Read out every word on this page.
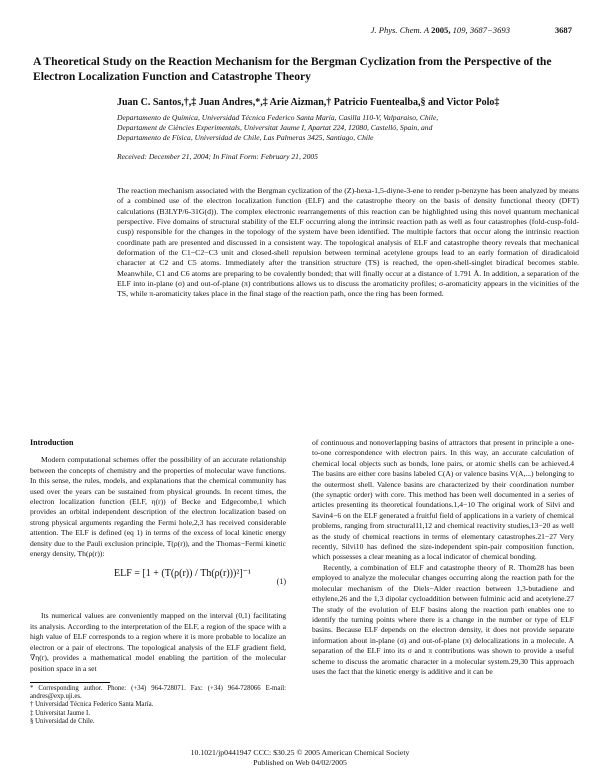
J. Phys. Chem. A 2005, 109, 3687−3693	3687
A Theoretical Study on the Reaction Mechanism for the Bergman Cyclization from the Perspective of the Electron Localization Function and Catastrophe Theory
Juan C. Santos,†,‡ Juan Andres,*,‡ Arie Aizman,† Patricio Fuentealba,§ and Victor Polo‡
Departamento de Química, Universidad Técnica Federico Santa María, Casilla 110-V, Valparaiso, Chile,
Departament de Ciències Experimentals, Universitat Jaume I, Apartat 224, 12080, Castelló, Spain, and
Departamento de Física, Universidad de Chile, Las Palmeras 3425, Santiago, Chile
Received: December 21, 2004; In Final Form: February 21, 2005
The reaction mechanism associated with the Bergman cyclization of the (Z)-hexa-1,5-diyne-3-ene to render p-benzyne has been analyzed by means of a combined use of the electron localization function (ELF) and the catastrophe theory on the basis of density functional theory (DFT) calculations (B3LYP/6-31G(d)). The complex electronic rearrangements of this reaction can be highlighted using this novel quantum mechanical perspective. Five domains of structural stability of the ELF occurring along the intrinsic reaction path as well as four catastrophes (fold-cusp-fold-cusp) responsible for the changes in the topology of the system have been identified. The multiple factors that occur along the intrinsic reaction coordinate path are presented and discussed in a consistent way. The topological analysis of ELF and catastrophe theory reveals that mechanical deformation of the C1−C2−C3 unit and closed-shell repulsion between terminal acetylene groups lead to an early formation of diradicaloid character at C2 and C5 atoms. Immediately after the transition structure (TS) is reached, the open-shell-singlet biradical becomes stable. Meanwhile, C1 and C6 atoms are preparing to be covalently bonded; that will finally occur at a distance of 1.791 Å. In addition, a separation of the ELF into in-plane (σ) and out-of-plane (π) contributions allows us to discuss the aromaticity profiles; σ-aromaticity appears in the vicinities of the TS, while π-aromaticity takes place in the final stage of the reaction path, once the ring has been formed.
Introduction

Modern computational schemes offer the possibility of an accurate relationship between the concepts of chemistry and the properties of molecular wave functions. In this sense, the rules, models, and explanations that the chemical community has used over the years can be sustained from physical grounds. In recent times, the electron localization function (ELF, η(r)) of Becke and Edgecombe,1 which provides an orbital independent description of the electron localization based on strong physical arguments regarding the Fermi hole,2,3 has received considerable attention. The ELF is defined (eq 1) in terms of the excess of local kinetic energy density due to the Pauli exclusion principle, T(ρ(r)), and the Thomas−Fermi kinetic energy density, Th(ρ(r)):

ELF = [1 + (T(ρ(r)) / Th(ρ(r)))²]⁻¹
(1)

Its numerical values are conveniently mapped on the interval (0,1) facilitating its analysis. According to the interpretation of the ELF, a region of the space with a high value of ELF corresponds to a region where it is more probable to localize an electron or a pair of electrons. The topological analysis of the ELF gradient field, ∇η(r), provides a mathematical model enabling the partition of the molecular position space in a set

* Corresponding author. Phone: (+34) 964-728071. Fax: (+34) 964-728066 E-mail: andres@exp.uji.es.
† Universidad Técnica Federico Santa María.
‡ Universitat Jaume I.
§ Universidad de Chile.

of continuous and nonoverlapping basins of attractors that present in principle a one-to-one correspondence with electron pairs. In this way, an accurate calculation of chemical local objects such as bonds, lone pairs, or atomic shells can be achieved.4 The basins are either core basins labeled C(A) or valence basins V(A,...) belonging to the outermost shell. Valence basins are characterized by their coordination number (the synaptic order) with core. This method has been well documented in a series of articles presenting its theoretical foundations.1,4−10 The original work of Silvi and Savin4−6 on the ELF generated a fruitful field of applications in a variety of chemical problems, ranging from structural11,12 and chemical reactivity studies,13−20 as well as the study of chemical reactions in terms of elementary catastrophes.21−27 Very recently, Silvi10 has defined the size-independent spin-pair composition function, which possesses a clear meaning as a local indicator of chemical bonding.

Recently, a combination of ELF and catastrophe theory of R. Thom28 has been employed to analyze the molecular changes occurring along the reaction path for the molecular mechanism of the Diels−Alder reaction between 1,3-butadiene and ethylene,26 and the 1,3 dipolar cycloaddition between fulminic acid and acetylene.27 The study of the evolution of ELF basins along the reaction path enables one to identify the turning points where there is a change in the number or type of ELF basins. Because ELF depends on the electron density, it does not provide separate information about in-plane (σ) and out-of-plane (π) delocalizations in a molecule. A separation of the ELF into its σ and π contributions was shown to provide a useful scheme to discuss the aromatic character in a molecular system.29,30 This approach uses the fact that the kinetic energy is additive and it can be

10.1021/jp0441947 CCC: $30.25 © 2005 American Chemical Society
Published on Web 04/02/2005
